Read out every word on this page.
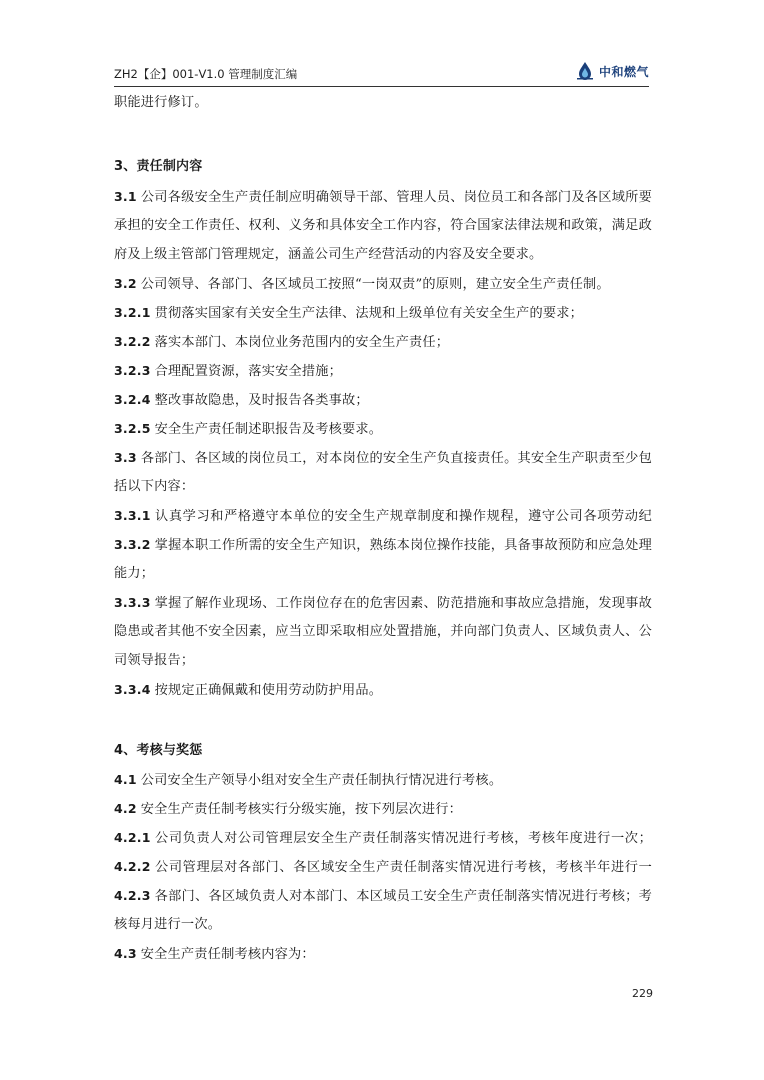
ZH2【企】001-V1.0 管理制度汇编	中和燃气
职能进行修订。
3、责任制内容
3.1 公司各级安全生产责任制应明确领导干部、管理人员、岗位员工和各部门及各区域所要
承担的安全工作责任、权利、义务和具体安全工作内容，符合国家法律法规和政策，满足政
府及上级主管部门管理规定，涵盖公司生产经营活动的内容及安全要求。
3.2 公司领导、各部门、各区域员工按照“一岗双责”的原则，建立安全生产责任制。
3.2.1 贯彻落实国家有关安全生产法律、法规和上级单位有关安全生产的要求；
3.2.2 落实本部门、本岗位业务范围内的安全生产责任；
3.2.3 合理配置资源，落实安全措施；
3.2.4 整改事故隐患，及时报告各类事故；
3.2.5 安全生产责任制述职报告及考核要求。
3.3 各部门、各区域的岗位员工，对本岗位的安全生产负直接责任。其安全生产职责至少包
括以下内容：
3.3.1 认真学习和严格遵守本单位的安全生产规章制度和操作规程，遵守公司各项劳动纪
3.3.2 掌握本职工作所需的安全生产知识，熟练本岗位操作技能，具备事故预防和应急处理
能力；
3.3.3 掌握了解作业现场、工作岗位存在的危害因素、防范措施和事故应急措施，发现事故
隐患或者其他不安全因素，应当立即采取相应处置措施，并向部门负责人、区域负责人、公
司领导报告；
3.3.4 按规定正确佩戴和使用劳动防护用品。
4、考核与奖惩
4.1 公司安全生产领导小组对安全生产责任制执行情况进行考核。
4.2 安全生产责任制考核实行分级实施，按下列层次进行：
4.2.1 公司负责人对公司管理层安全生产责任制落实情况进行考核，考核年度进行一次；
4.2.2 公司管理层对各部门、各区域安全生产责任制落实情况进行考核，考核半年进行一
4.2.3 各部门、各区域负责人对本部门、本区域员工安全生产责任制落实情况进行考核；考
核每月进行一次。
4.3 安全生产责任制考核内容为：
229
